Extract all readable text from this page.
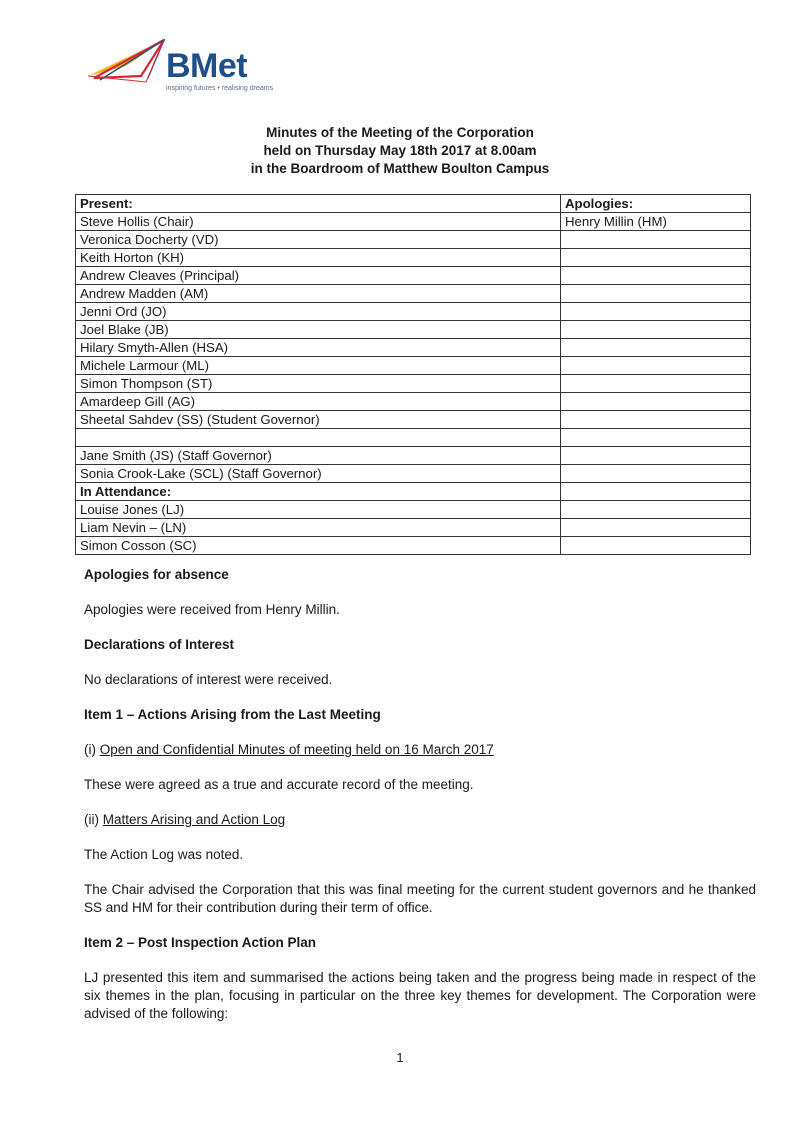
BMet
inspiring futures • realising dreams
Minutes of the Meeting of the Corporation
held on Thursday May 18th 2017 at 8.00am
in the Boardroom of Matthew Boulton Campus
Present:	Apologies:
Steve Hollis (Chair)	Henry Millin (HM)
Veronica Docherty (VD)	
Keith Horton (KH)	
Andrew Cleaves (Principal)	
Andrew Madden (AM)	
Jenni Ord (JO)	
Joel Blake (JB)	
Hilary Smyth-Allen (HSA)	
Michele Larmour (ML)	
Simon Thompson (ST)	
Amardeep Gill (AG)	
Sheetal Sahdev (SS) (Student Governor)	

Jane Smith (JS) (Staff Governor)	
Sonia Crook-Lake (SCL) (Staff Governor)	
In Attendance:	
Louise Jones (LJ)	
Liam Nevin – (LN)	
Simon Cosson (SC)	

Apologies for absence

Apologies were received from Henry Millin.

Declarations of Interest

No declarations of interest were received.

Item 1 – Actions Arising from the Last Meeting

(i) Open and Confidential Minutes of meeting held on 16 March 2017

These were agreed as a true and accurate record of the meeting.

(ii) Matters Arising and Action Log

The Action Log was noted.

The Chair advised the Corporation that this was final meeting for the current student governors and he thanked SS and HM for their contribution during their term of office.

Item 2 – Post Inspection Action Plan

LJ presented this item and summarised the actions being taken and the progress being made in respect of the six themes in the plan, focusing in particular on the three key themes for development. The Corporation were advised of the following:

1
